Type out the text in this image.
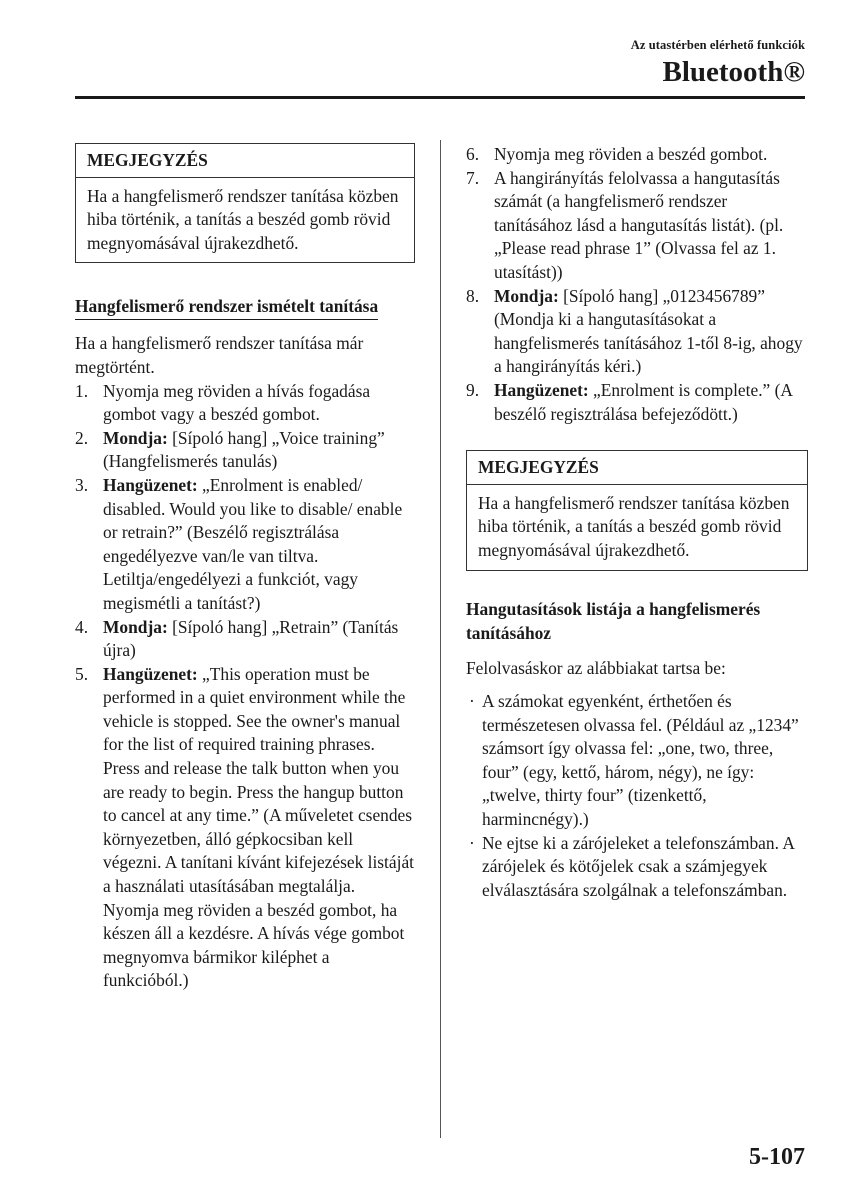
Az utastérben elérhető funkciók
Bluetooth®
MEGJEGYZÉS
Ha a hangfelismerő rendszer tanítása közben hiba történik, a tanítás a beszéd gomb rövid megnyomásával újrakezdhető.
Hangfelismerő rendszer ismételt tanítása

Ha a hangfelismerő rendszer tanítása már megtörtént.

1. Nyomja meg röviden a hívás fogadása gombot vagy a beszéd gombot.
2. Mondja: [Sípoló hang] „Voice training” (Hangfelismerés tanulás)
3. Hangüzenet: „Enrolment is enabled/ disabled. Would you like to disable/ enable or retrain?” (Beszélő regisztrálása engedélyezve van/le van tiltva. Letiltja/engedélyezi a funkciót, vagy megismétli a tanítást?)
4. Mondja: [Sípoló hang] „Retrain” (Tanítás újra)
5. Hangüzenet: „This operation must be performed in a quiet environment while the vehicle is stopped. See the owner's manual for the list of required training phrases. Press and release the talk button when you are ready to begin. Press the hangup button to cancel at any time.” (A műveletet csendes környezetben, álló gépkocsiban kell végezni. A tanítani kívánt kifejezések listáját a használati utasításában megtalálja. Nyomja meg röviden a beszéd gombot, ha készen áll a kezdésre. A hívás vége gombot megnyomva bármikor kiléphet a funkcióból.)
6. Nyomja meg röviden a beszéd gombot.
7. A hangirányítás felolvassa a hangutasítás számát (a hangfelismerő rendszer tanításához lásd a hangutasítás listát). (pl. „Please read phrase 1” (Olvassa fel az 1. utasítást))
8. Mondja: [Sípoló hang] „0123456789” (Mondja ki a hangutasításokat a hangfelismerés tanításához 1-től 8-ig, ahogy a hangirányítás kéri.)
9. Hangüzenet: „Enrolment is complete.” (A beszélő regisztrálása befejeződött.)
MEGJEGYZÉS
Ha a hangfelismerő rendszer tanítása közben hiba történik, a tanítás a beszéd gomb rövid megnyomásával újrakezdhető.
Hangutasítások listája a hangfelismerés tanításához

Felolvasáskor az alábbiakat tartsa be:

· A számokat egyenként, érthetően és természetesen olvassa fel. (Például az „1234” számsort így olvassa fel: „one, two, three, four” (egy, kettő, három, négy), ne így: „twelve, thirty four” (tizenkettő, harmincnégy).)
· Ne ejtse ki a zárójeleket a telefonszámban. A zárójelek és kötőjelek csak a számjegyek elválasztására szolgálnak a telefonszámban.
5-107
